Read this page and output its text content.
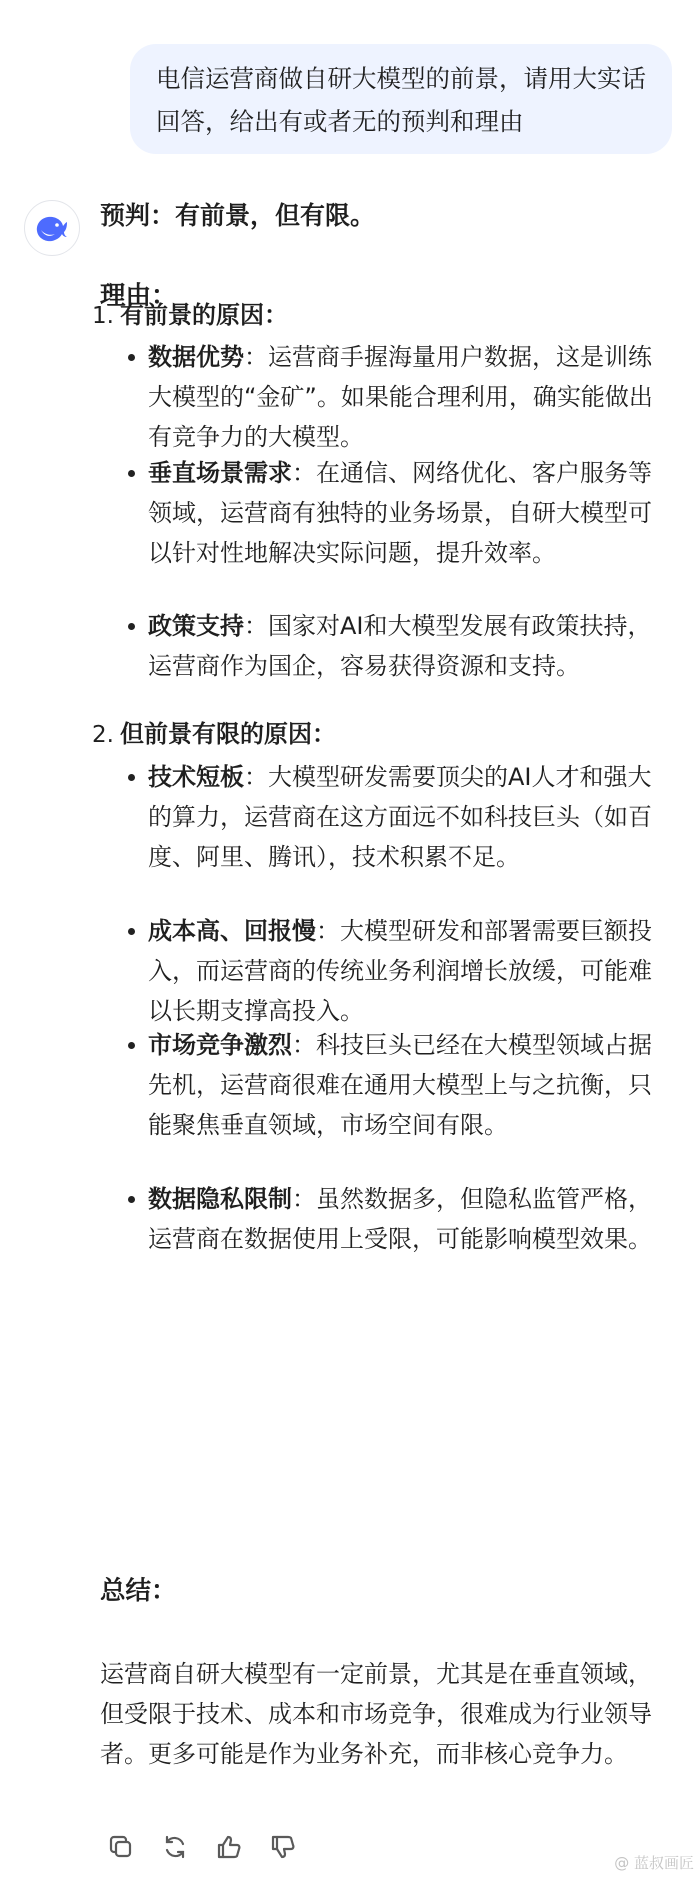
电信运营商做自研大模型的前景，请用大实话回答，给出有或者无的预判和理由
预判：有前景，但有限。
理由：
1. 有前景的原因：
数据优势：运营商手握海量用户数据，这是训练大模型的“金矿”。如果能合理利用，确实能做出有竞争力的大模型。
垂直场景需求：在通信、网络优化、客户服务等领域，运营商有独特的业务场景，自研大模型可以针对性地解决实际问题，提升效率。
政策支持：国家对AI和大模型发展有政策扶持，运营商作为国企，容易获得资源和支持。
2. 但前景有限的原因：
技术短板：大模型研发需要顶尖的AI人才和强大的算力，运营商在这方面远不如科技巨头（如百度、阿里、腾讯），技术积累不足。
成本高、回报慢：大模型研发和部署需要巨额投入，而运营商的传统业务利润增长放缓，可能难以长期支撑高投入。
市场竞争激烈：科技巨头已经在大模型领域占据先机，运营商很难在通用大模型上与之抗衡，只能聚焦垂直领域，市场空间有限。
数据隐私限制：虽然数据多，但隐私监管严格，运营商在数据使用上受限，可能影响模型效果。
总结：
运营商自研大模型有一定前景，尤其是在垂直领域，但受限于技术、成本和市场竞争，很难成为行业领导者。更多可能是作为业务补充，而非核心竞争力。
@ 蓝叔画匠
